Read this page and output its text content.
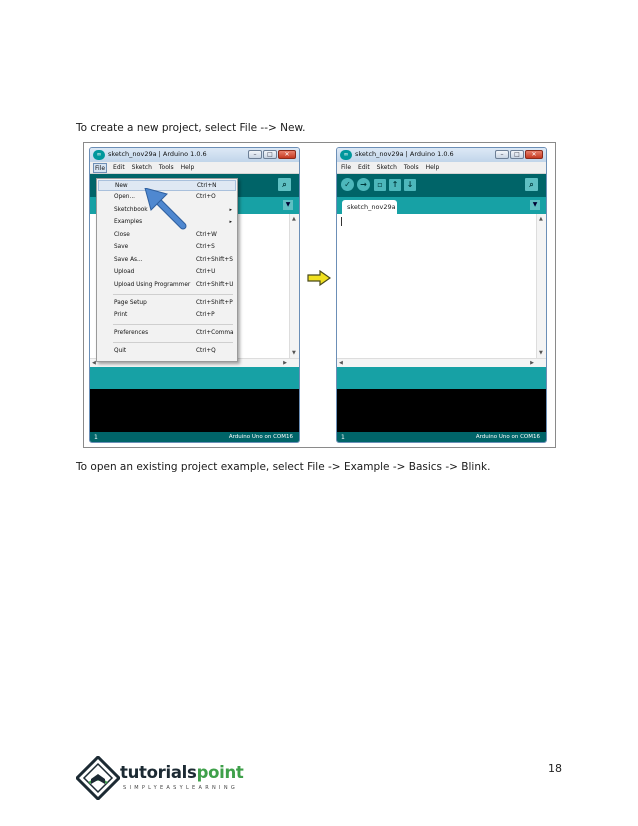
To create a new project, select File --> New.
∞	sketch_nov29a | Arduino 1.0.6	–	□	✕
File	Edit Sketch Tools Help
⌕
▼
▲
▼
◀	▶
1	Arduino Uno on COM16
New	Ctrl+N
Open...	Ctrl+O
Sketchbook	▸
Examples	▸
Close	Ctrl+W
Save	Ctrl+S
Save As...	Ctrl+Shift+S
Upload	Ctrl+U
Upload Using Programmer Ctrl+Shift+U
Page Setup	Ctrl+Shift+P
Print	Ctrl+P
Preferences	Ctrl+Comma
Quit	Ctrl+Q
∞	sketch_nov29a | Arduino 1.0.6	–	□	✕
File Edit Sketch Tools Help
✓	→	▫	↑	↓	⌕
sketch_nov29a	▼
▲
▼
◀	▶
1	Arduino Uno on COM16
To open an existing project example, select File -> Example -> Basics -> Blink.
tutorialspoint
SIMPLYEASYLEARNING
18
